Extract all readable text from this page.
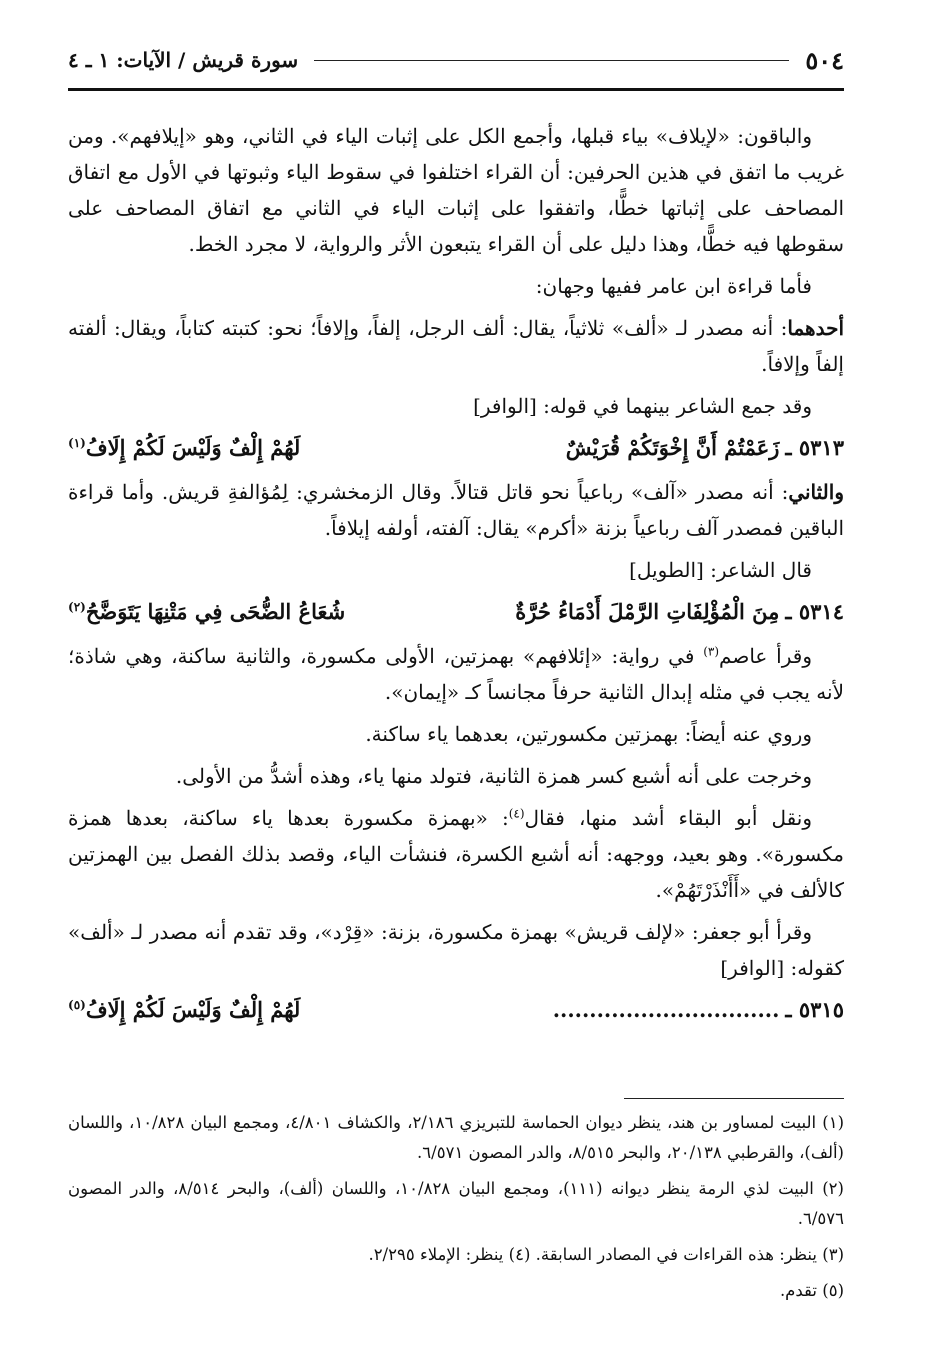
٥٠٤
سورة قريش / الآيات: ١ ـ ٤

والباقون: «لإيلاف» بياء قبلها، وأجمع الكل على إثبات الياء في الثاني، وهو «إيلافهم». ومن غريب ما اتفق في هذين الحرفين: أن القراء اختلفوا في سقوط الياء وثبوتها في الأول مع اتفاق المصاحف على إثباتها خطًّا، واتفقوا على إثبات الياء في الثاني مع اتفاق المصاحف على سقوطها فيه خطًّا، وهذا دليل على أن القراء يتبعون الأثر والرواية، لا مجرد الخط.

فأما قراءة ابن عامر ففيها وجهان:

أحدهما: أنه مصدر لـ «ألف» ثلاثياً، يقال: ألف الرجل، إلفاً، وإلافاً؛ نحو: كتبته كتاباً، ويقال: ألفته إلفاً وإلافاً.

وقد جمع الشاعر بينهما في قوله: [الوافر]

٥٣١٣ ـ
زَعَمْتُمْ أَنَّ إِخْوَتَكُمْ قُرَيْشٌ
لَهُمْ إِلْفٌ وَلَيْسَ لَكُمْ إِلَافُ$^{(١)}$

والثاني: أنه مصدر «آلف» رباعياً نحو قاتل قتالاً. وقال الزمخشري: لِمُؤالفةِ قريش. وأما قراءة الباقين فمصدر آلف رباعياً بزنة «أكرم» يقال: آلفته، أولفه إيلافاً.

قال الشاعر: [الطويل]

٥٣١٤ ـ
مِنَ الْمُؤْلِفَاتِ الرَّمْلَ أَدْمَاءُ حُرَّةٌ
شُعَاعُ الضُّحَى فِي مَتْنِهَا يَتَوَضَّحُ$^{(٢)}$

وقرأ عاصم$^{(٣)}$ في رواية: «إئلافهم» بهمزتين، الأولى مكسورة، والثانية ساكنة، وهي شاذة؛ لأنه يجب في مثله إبدال الثانية حرفاً مجانساً كـ «إيمان».

وروي عنه أيضاً: بهمزتين مكسورتين، بعدهما ياء ساكنة.

وخرجت على أنه أشبع كسر همزة الثانية، فتولد منها ياء، وهذه أشدُّ من الأولى.

ونقل أبو البقاء أشد منها، فقال$^{(٤)}$: «بهمزة مكسورة بعدها ياء ساكنة، بعدها همزة مكسورة». وهو بعيد، ووجهه: أنه أشبع الكسرة، فنشأت الياء، وقصد بذلك الفصل بين الهمزتين كالألف في «أَأَنْذَرْتَهُمْ».

وقرأ أبو جعفر: «لإلف قريش» بهمزة مكسورة، بزنة: «قِرْد»، وقد تقدم أنه مصدر لـ «ألف» كقوله: [الوافر]

٥٣١٥ ـ
...............................
لَهُمْ إِلْفٌ وَلَيْسَ لَكُمْ إِلَافُ$^{(٥)}$

(١) البيت لمساور بن هند، ينظر ديوان الحماسة للتبريزي ٢/١٨٦، والكشاف ٤/٨٠١، ومجمع البيان ١٠/٨٢٨، واللسان (ألف)، والقرطبي ٢٠/١٣٨، والبحر ٨/٥١٥، والدر المصون ٦/٥٧١.

(٢) البيت لذي الرمة ينظر ديوانه (١١١)، ومجمع البيان ١٠/٨٢٨، واللسان (ألف)، والبحر ٨/٥١٤، والدر المصون ٦/٥٧٦.

(٣) ينظر: هذه القراءات في المصادر السابقة. (٤) ينظر: الإملاء ٢/٢٩٥.

(٥) تقدم.
